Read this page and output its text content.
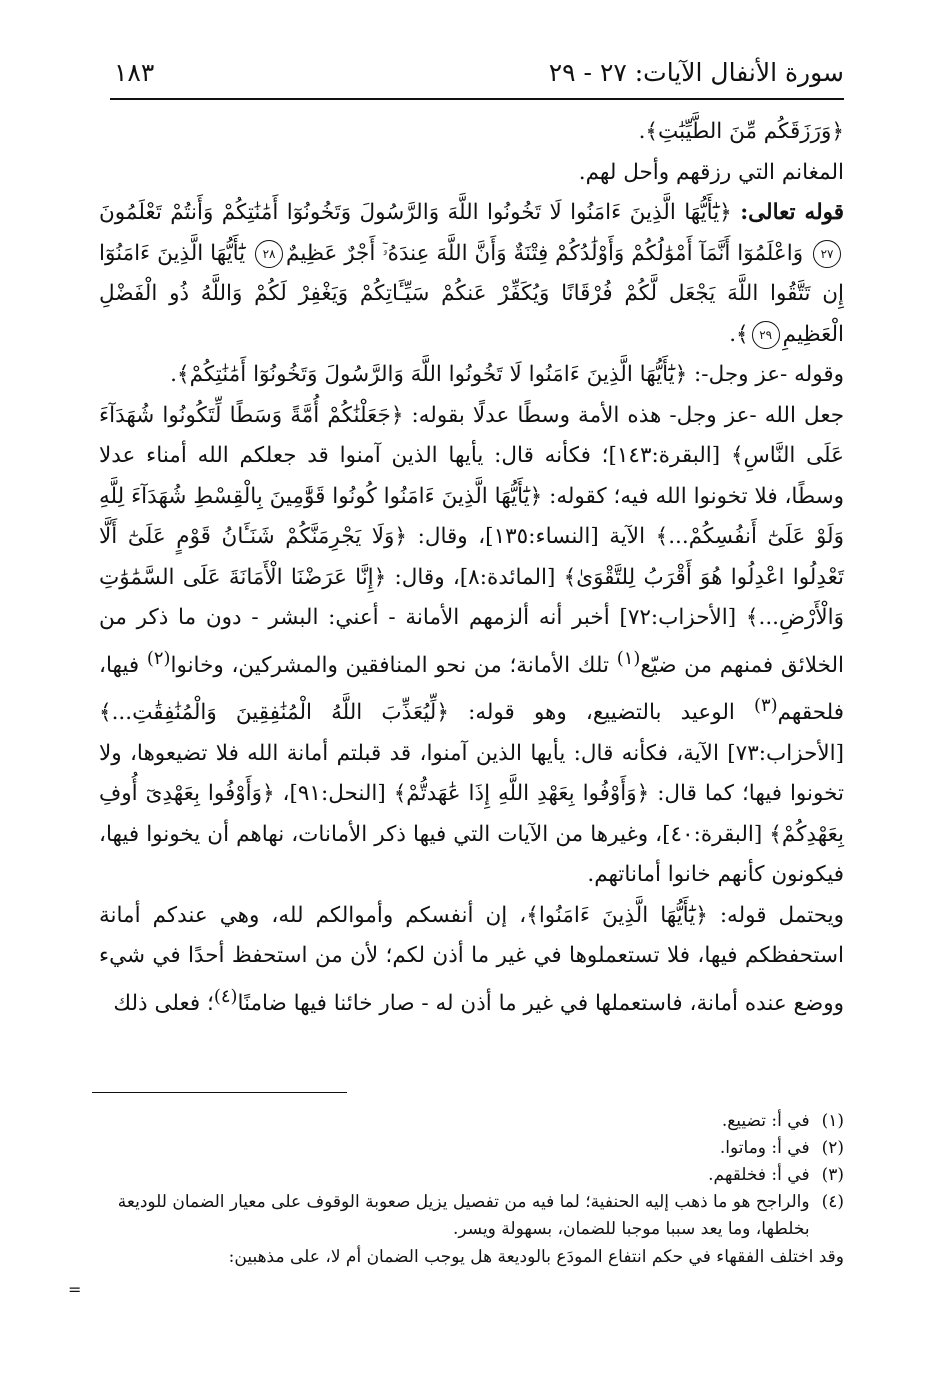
سورة الأنفال الآيات: ٢٧ - ٢٩
١٨٣

﴿وَرَزَقَكُم مِّنَ الطَّيِّبَٰتِ﴾.

المغانم التي رزقهم وأحل لهم.

قوله تعالى: ﴿يَٰٓأَيُّهَا الَّذِينَ ءَامَنُوا لَا تَخُونُوا اللَّهَ وَالرَّسُولَ وَتَخُونُوٓا أَمَٰنَٰتِكُمْ وَأَنتُمْ تَعْلَمُونَ٢٧ وَاعْلَمُوٓا أَنَّمَآ أَمْوَٰلُكُمْ وَأَوْلَٰدُكُمْ فِتْنَةٌ وَأَنَّ اللَّهَ عِندَهُۥٓ أَجْرٌ عَظِيمٌ٢٨ يَٰٓأَيُّهَا الَّذِينَ ءَامَنُوٓا إِن تَتَّقُوا اللَّهَ يَجْعَل لَّكُمْ فُرْقَانًا وَيُكَفِّرْ عَنكُمْ سَيِّـَٔاتِكُمْ وَيَغْفِرْ لَكُمْ وَاللَّهُ ذُو الْفَضْلِ الْعَظِيمِ٢٩﴾.

وقوله -عز وجل-: ﴿يَٰٓأَيُّهَا الَّذِينَ ءَامَنُوا لَا تَخُونُوا اللَّهَ وَالرَّسُولَ وَتَخُونُوٓا أَمَٰنَٰتِكُمْ﴾.

جعل الله -عز وجل- هذه الأمة وسطًا عدلًا بقوله: ﴿جَعَلْنَٰكُمْ أُمَّةً وَسَطًا لِّتَكُونُوا شُهَدَآءَ عَلَى النَّاسِ﴾ [البقرة:١٤٣]؛ فكأنه قال: يأيها الذين آمنوا قد جعلكم الله أمناء عدلا وسطًا، فلا تخونوا الله فيه؛ كقوله: ﴿يَٰٓأَيُّهَا الَّذِينَ ءَامَنُوا كُونُوا قَوَّٰمِينَ بِالْقِسْطِ شُهَدَآءَ لِلَّهِ وَلَوْ عَلَىٰٓ أَنفُسِكُمْ...﴾ الآية [النساء:١٣٥]، وقال: ﴿وَلَا يَجْرِمَنَّكُمْ شَنَـَٔانُ قَوْمٍ عَلَىٰٓ أَلَّا تَعْدِلُوا اعْدِلُوا هُوَ أَقْرَبُ لِلتَّقْوَىٰ﴾ [المائدة:٨]، وقال: ﴿إِنَّا عَرَضْنَا الْأَمَانَةَ عَلَى السَّمَٰوَٰتِ وَالْأَرْضِ...﴾ [الأحزاب:٧٢] أخبر أنه ألزمهم الأمانة - أعني: البشر - دون ما ذكر من الخلائق فمنهم من ضيّع$^{(١)}$ تلك الأمانة؛ من نحو المنافقين والمشركين، وخانوا$^{(٢)}$ فيها، فلحقهم$^{(٣)}$ الوعيد بالتضييع، وهو قوله: ﴿لِّيُعَذِّبَ اللَّهُ الْمُنَٰفِقِينَ وَالْمُنَٰفِقَٰتِ...﴾ [الأحزاب:٧٣] الآية، فكأنه قال: يأيها الذين آمنوا، قد قبلتم أمانة الله فلا تضيعوها، ولا تخونوا فيها؛ كما قال: ﴿وَأَوْفُوا بِعَهْدِ اللَّهِ إِذَا عَٰهَدتُّمْ﴾ [النحل:٩١]، ﴿وَأَوْفُوا بِعَهْدِىٓ أُوفِ بِعَهْدِكُمْ﴾ [البقرة:٤٠]، وغيرها من الآيات التي فيها ذكر الأمانات، نهاهم أن يخونوا فيها، فيكونون كأنهم خانوا أماناتهم.

ويحتمل قوله: ﴿يَٰٓأَيُّهَا الَّذِينَ ءَامَنُوا﴾، إن أنفسكم وأموالكم لله، وهي عندكم أمانة استحفظكم فيها، فلا تستعملوها في غير ما أذن لكم؛ لأن من استحفظ أحدًا في شيء ووضع عنده أمانة، فاستعملها في غير ما أذن له - صار خائنا فيها ضامنًا$^{(٤)}$؛ فعلى ذلك

(١)
في أ: تضييع.
(٢)
في أ: وماتوا.
(٣)
في أ: فخلقهم.
(٤)
والراجح هو ما ذهب إليه الحنفية؛ لما فيه من تفصيل يزيل صعوبة الوقوف على معيار الضمان للوديعة بخلطها، وما يعد سببا موجبا للضمان، بسهولة ويسر.
وقد اختلف الفقهاء في حكم انتفاع المودَع بالوديعة هل يوجب الضمان أم لا، على مذهبين:
=
